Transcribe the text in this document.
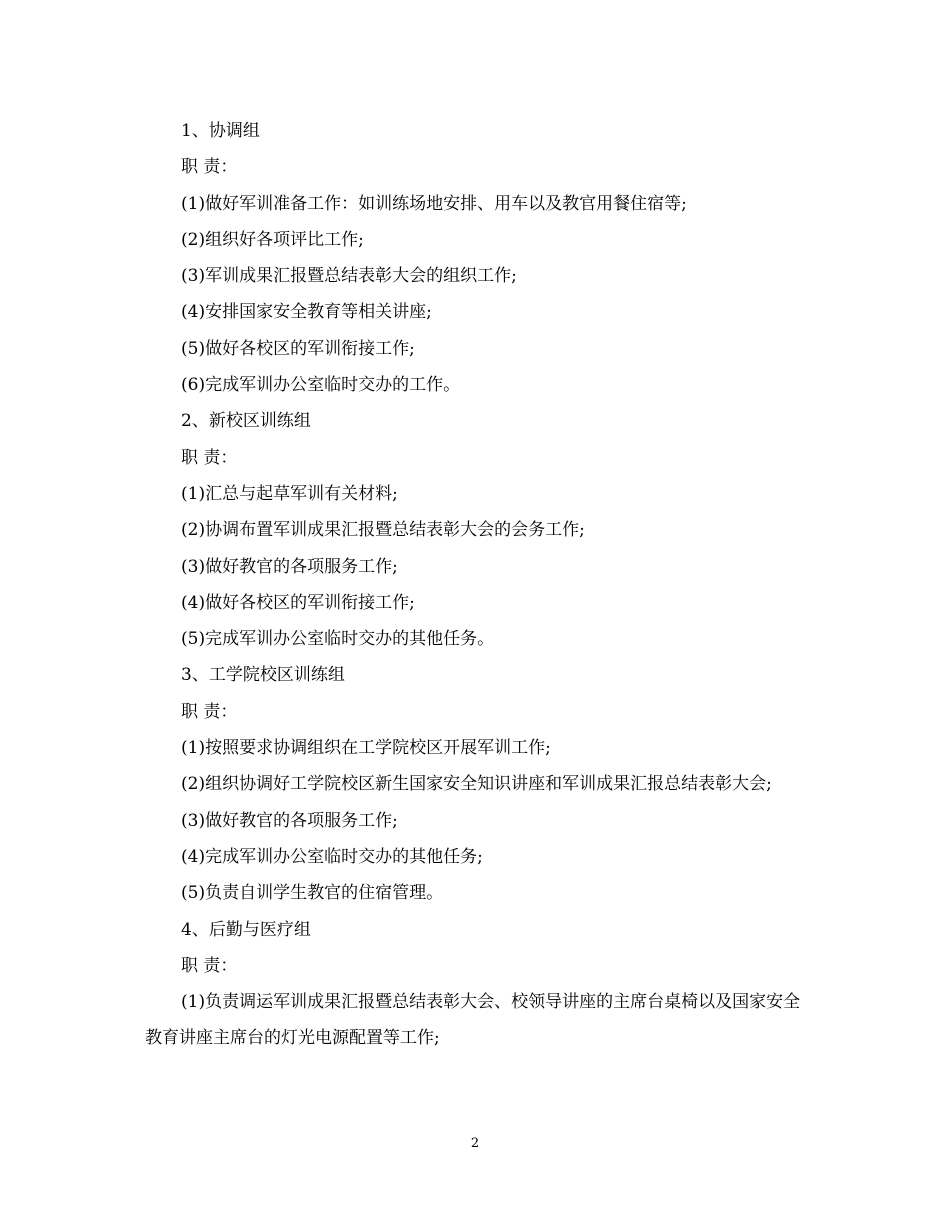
1、协调组

职 责：

(1)做好军训准备工作：如训练场地安排、用车以及教官用餐住宿等;

(2)组织好各项评比工作;

(3)军训成果汇报暨总结表彰大会的组织工作;

(4)安排国家安全教育等相关讲座;

(5)做好各校区的军训衔接工作;

(6)完成军训办公室临时交办的工作。

2、新校区训练组

职 责：

(1)汇总与起草军训有关材料;

(2)协调布置军训成果汇报暨总结表彰大会的会务工作;

(3)做好教官的各项服务工作;

(4)做好各校区的军训衔接工作;

(5)完成军训办公室临时交办的其他任务。

3、工学院校区训练组

职 责：

(1)按照要求协调组织在工学院校区开展军训工作;

(2)组织协调好工学院校区新生国家安全知识讲座和军训成果汇报总结表彰大会;

(3)做好教官的各项服务工作;

(4)完成军训办公室临时交办的其他任务;

(5)负责自训学生教官的住宿管理。

4、后勤与医疗组

职 责：

(1)负责调运军训成果汇报暨总结表彰大会、校领导讲座的主席台桌椅以及国家安全教育讲座主席台的灯光电源配置等工作;

2
